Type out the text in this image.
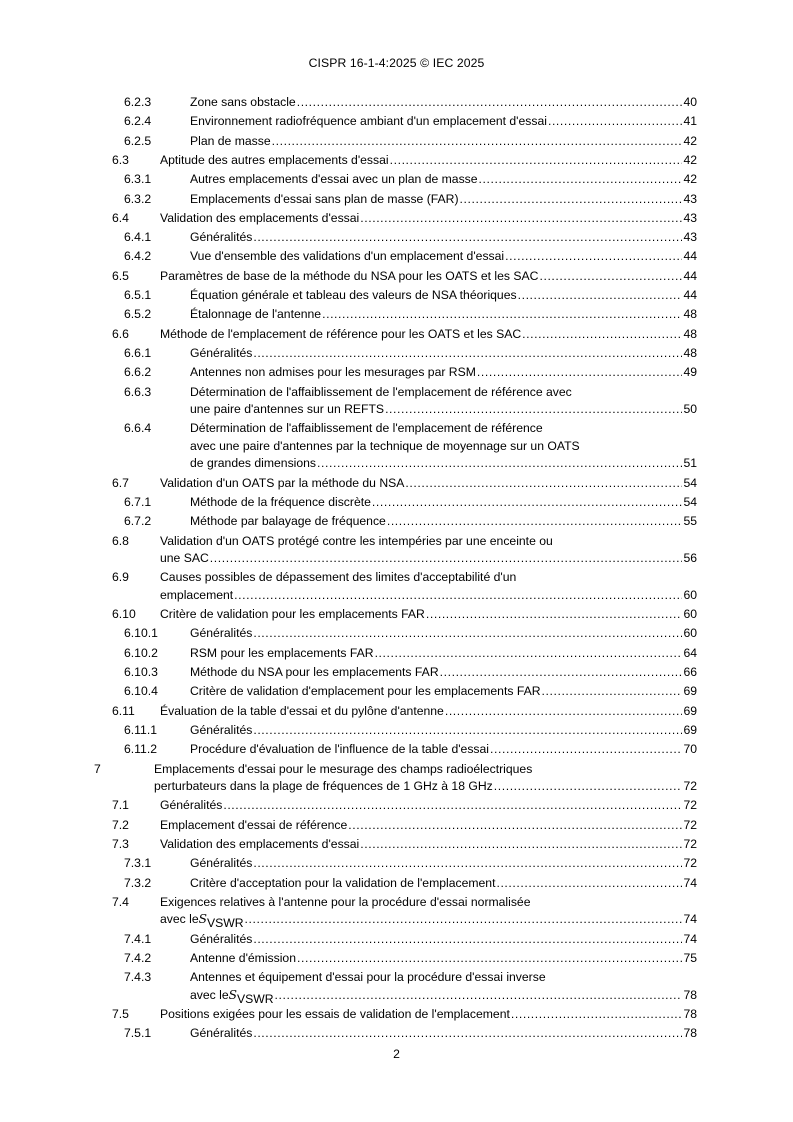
CISPR 16-1-4:2025 © IEC 2025
6.2.3	Zone sans obstacle .....	40
6.2.4	Environnement radiofréquence ambiant d'un emplacement d'essai .....	41
6.2.5	Plan de masse .....	42
6.3	Aptitude des autres emplacements d'essai .....	42
6.3.1	Autres emplacements d'essai avec un plan de masse .....	42
6.3.2	Emplacements d'essai sans plan de masse (FAR) .....	43
6.4	Validation des emplacements d'essai .....	43
6.4.1	Généralités .....	43
6.4.2	Vue d'ensemble des validations d'un emplacement d'essai .....	44
6.5	Paramètres de base de la méthode du NSA pour les OATS et les SAC .....	44
6.5.1	Équation générale et tableau des valeurs de NSA théoriques .....	44
6.5.2	Étalonnage de l'antenne .....	48
6.6	Méthode de l'emplacement de référence pour les OATS et les SAC .....	48
6.6.1	Généralités .....	48
6.6.2	Antennes non admises pour les mesurages par RSM .....	49
6.6.3	Détermination de l'affaiblissement de l'emplacement de référence avec
une paire d'antennes sur un REFTS .....	50
6.6.4	Détermination de l'affaiblissement de l'emplacement de référence
avec une paire d'antennes par la technique de moyennage sur un OATS
de grandes dimensions .....	51
6.7	Validation d'un OATS par la méthode du NSA .....	54
6.7.1	Méthode de la fréquence discrète .....	54
6.7.2	Méthode par balayage de fréquence .....	55
6.8	Validation d'un OATS protégé contre les intempéries par une enceinte ou
une SAC .....	56
6.9	Causes possibles de dépassement des limites d'acceptabilité d'un
emplacement .....	60
6.10 Critère de validation pour les emplacements FAR .....	60
6.10.1	Généralités .....	60
6.10.2	RSM pour les emplacements FAR .....	64
6.10.3	Méthode du NSA pour les emplacements FAR .....	66
6.10.4	Critère de validation d'emplacement pour les emplacements FAR .....	69
6.11 Évaluation de la table d'essai et du pylône d'antenne .....	69
6.11.1	Généralités .....	69
6.11.2	Procédure d'évaluation de l'influence de la table d'essai .....	70
7	Emplacements d'essai pour le mesurage des champs radioélectriques
perturbateurs dans la plage de fréquences de 1 GHz à 18 GHz .....	72
7.1	Généralités .....	72
7.2	Emplacement d'essai de référence .....	72
7.3	Validation des emplacements d'essai .....	72
7.3.1	Généralités .....	72
7.3.2	Critère d'acceptation pour la validation de l'emplacement .....	74
7.4	Exigences relatives à l'antenne pour la procédure d'essai normalisée
avec le $S_{VSWR}$ .....	74
7.4.1	Généralités .....	74
7.4.2	Antenne d'émission .....	75
7.4.3	Antennes et équipement d'essai pour la procédure d'essai inverse
avec le $S_{VSWR}$ .....	78
7.5	Positions exigées pour les essais de validation de l'emplacement .....	78
7.5.1	Généralités .....	78
2
